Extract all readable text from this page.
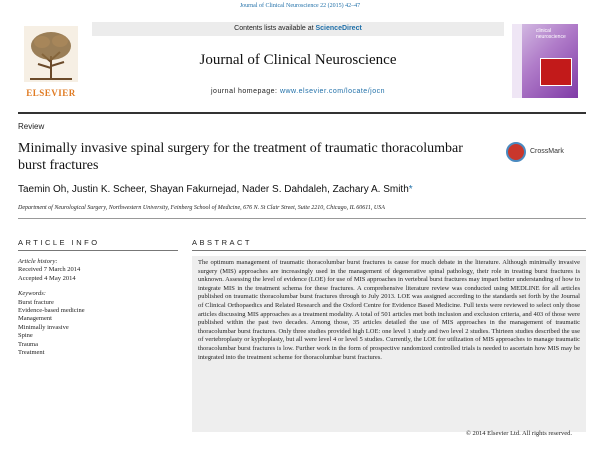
Journal of Clinical Neuroscience 22 (2015) 42–47
ELSEVIER
Contents lists available at ScienceDirect
Journal of Clinical Neuroscience
journal homepage: www.elsevier.com/locate/jocn
clinical neuroscience
Review
Minimally invasive spinal surgery for the treatment of traumatic thoracolumbar burst fractures
CrossMark
Taemin Oh, Justin K. Scheer, Shayan Fakurnejad, Nader S. Dahdaleh, Zachary A. Smith*
Department of Neurological Surgery, Northwestern University, Feinberg School of Medicine, 676 N. St Clair Street, Suite 2210, Chicago, IL 60611, USA
ARTICLE INFO	ABSTRACT
Article history:
Received 7 March 2014
Accepted 4 May 2014
Keywords:
Burst fracture
Evidence-based medicine
Management
Minimally invasive
Spine
Trauma
Treatment
The optimum management of traumatic thoracolumbar burst fractures is cause for much debate in the literature. Although minimally invasive surgery (MIS) approaches are increasingly used in the management of degenerative spinal pathology, their role in treating burst fractures is unknown. Assessing the level of evidence (LOE) for use of MIS approaches in vertebral burst fractures may impart better understanding of how to integrate MIS in the treatment schema for these fractures. A comprehensive literature review was conducted using MEDLINE for all articles published on traumatic thoracolumbar burst fractures through to July 2013. LOE was assigned according to the standards set forth by the Journal of Clinical Orthopaedics and Related Research and the Oxford Centre for Evidence Based Medicine. Full texts were reviewed to select only those articles discussing MIS approaches as a treatment modality. A total of 501 articles met both inclusion and exclusion criteria, and 403 of those were published within the past two decades. Among those, 35 articles detailed the use of MIS approaches in the management of traumatic thoracolumbar burst fractures. Only three studies provided high LOE: one level 1 study and two level 2 studies. Thirteen studies described the use of vertebroplasty or kyphoplasty, but all were level 4 or level 5 studies. Currently, the LOE for utilization of MIS approaches to manage traumatic thoracolumbar burst fractures is low. Further work in the form of prospective randomized controlled trials is needed to ascertain how MIS may be integrated into the treatment scheme for thoracolumbar burst fractures.
© 2014 Elsevier Ltd. All rights reserved.
